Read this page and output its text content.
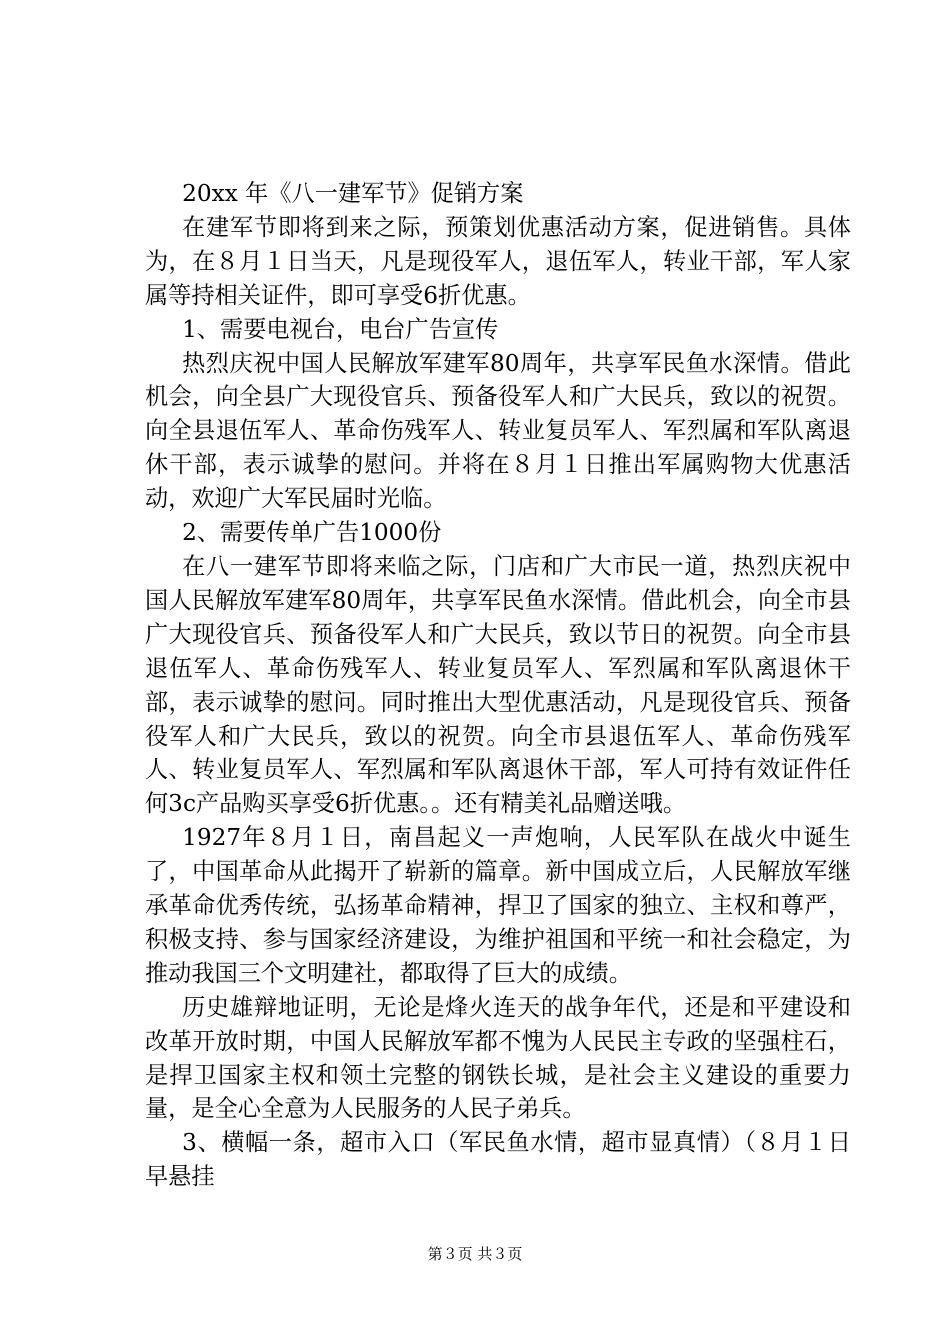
20xx 年《八一建军节》促销方案

在建军节即将到来之际，预策划优惠活动方案，促进销售。具体为，在８月１日当天，凡是现役军人，退伍军人，转业干部，军人家属等持相关证件，即可享受6折优惠。

1、需要电视台，电台广告宣传

热烈庆祝中国人民解放军建军80周年，共享军民鱼水深情。借此机会，向全县广大现役官兵、预备役军人和广大民兵，致以的祝贺。向全县退伍军人、革命伤残军人、转业复员军人、军烈属和军队离退休干部，表示诚挚的慰问。并将在８月１日推出军属购物大优惠活动，欢迎广大军民届时光临。

2、需要传单广告1000份

在八一建军节即将来临之际，门店和广大市民一道，热烈庆祝中国人民解放军建军80周年，共享军民鱼水深情。借此机会，向全市县广大现役官兵、预备役军人和广大民兵，致以节日的祝贺。向全市县退伍军人、革命伤残军人、转业复员军人、军烈属和军队离退休干部，表示诚挚的慰问。同时推出大型优惠活动，凡是现役官兵、预备役军人和广大民兵，致以的祝贺。向全市县退伍军人、革命伤残军人、转业复员军人、军烈属和军队离退休干部，军人可持有效证件任何3c产品购买享受6折优惠。。还有精美礼品赠送哦。

1927年８月１日，南昌起义一声炮响，人民军队在战火中诞生了，中国革命从此揭开了崭新的篇章。新中国成立后，人民解放军继承革命优秀传统，弘扬革命精神，捍卫了国家的独立、主权和尊严，积极支持、参与国家经济建设，为维护祖国和平统一和社会稳定，为推动我国三个文明建社，都取得了巨大的成绩。

历史雄辩地证明，无论是烽火连天的战争年代，还是和平建设和改革开放时期，中国人民解放军都不愧为人民民主专政的坚强柱石，是捍卫国家主权和领土完整的钢铁长城，是社会主义建设的重要力量，是全心全意为人民服务的人民子弟兵。

3、横幅一条，超市入口（军民鱼水情，超市显真情）（８月１日早悬挂

第３页 共３页
